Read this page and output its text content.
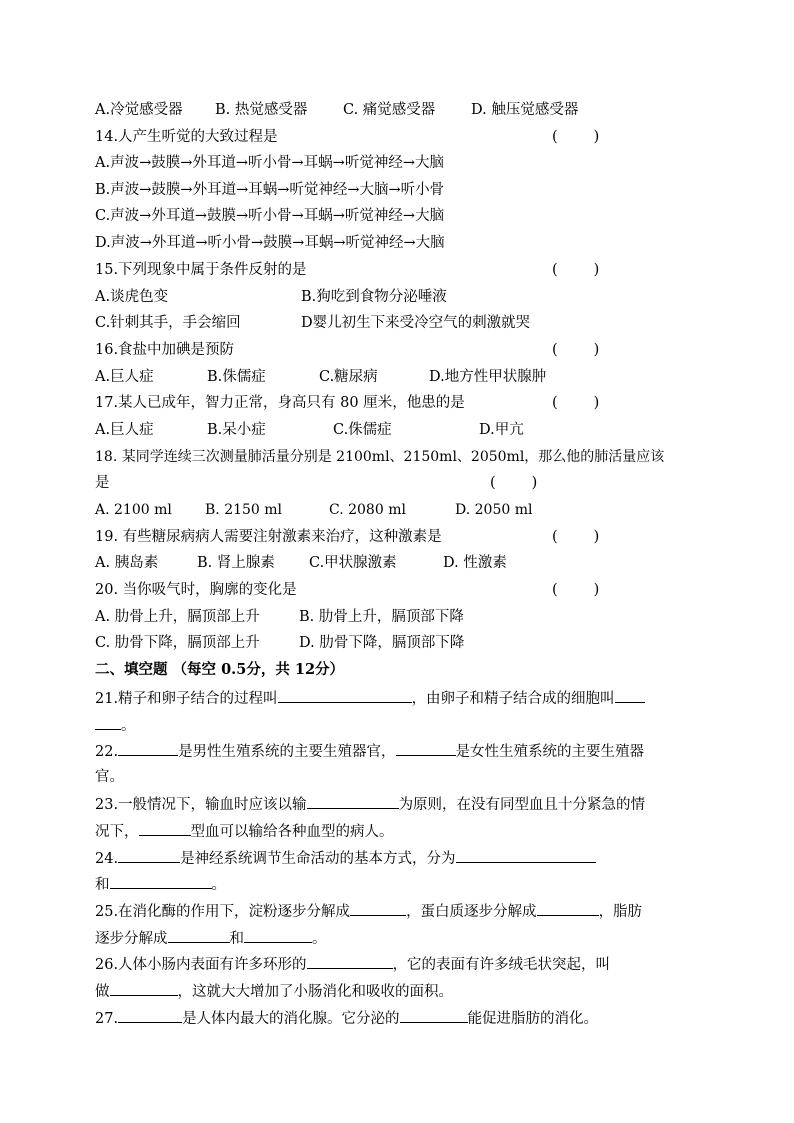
A.冷觉感受器 B. 热觉感受器 C. 痛觉感受器 D. 触压觉感受器
14.人产生听觉的大致过程是	( )
A.声波→鼓膜→外耳道→听小骨→耳蜗→听觉神经→大脑
B.声波→鼓膜→外耳道→耳蜗→听觉神经→大脑→听小骨
C.声波→外耳道→鼓膜→听小骨→耳蜗→听觉神经→大脑
D.声波→外耳道→听小骨→鼓膜→耳蜗→听觉神经→大脑
15.下列现象中属于条件反射的是	( )
A.谈虎色变	B.狗吃到食物分泌唾液
C.针刺其手，手会缩回	D婴儿初生下来受冷空气的刺激就哭
16.食盐中加碘是预防	( )
A.巨人症	B.侏儒症	C.糖尿病	D.地方性甲状腺肿
17.某人已成年，智力正常，身高只有 80 厘米，他患的是	( )
A.巨人症	B.呆小症	C.侏儒症	D.甲亢
18. 某同学连续三次测量肺活量分别是 2100ml、2150ml、2050ml，那么他的肺活量应该
是	( )
A. 2100 ml B. 2150 ml	C. 2080 ml	D. 2050 ml
19. 有些糖尿病病人需要注射激素来治疗，这种激素是	( )
A. 胰岛素	B. 肾上腺素 C.甲状腺激素	D. 性激素
20. 当你吸气时，胸廓的变化是	( )
A. 肋骨上升，膈顶部上升	B. 肋骨上升，膈顶部下降
C. 肋骨下降，膈顶部上升	D. 肋骨下降，膈顶部下降
二、填空题 （每空 0.5分，共 12分）
21.精子和卵子结合的过程叫	，由卵子和精子结合成的细胞叫
。
22.	是男性生殖系统的主要生殖器官，	是女性生殖系统的主要生殖器
官。
23.一般情况下，输血时应该以输	为原则，在没有同型血且十分紧急的情
况下，	型血可以输给各种血型的病人。
24.	是神经系统调节生命活动的基本方式，分为
和	。
25.在消化酶的作用下，淀粉逐步分解成	，蛋白质逐步分解成	，脂肪
逐步分解成	和	。
26.人体小肠内表面有许多环形的	，它的表面有许多绒毛状突起，叫
做	，这就大大增加了小肠消化和吸收的面积。
27.	是人体内最大的消化腺。它分泌的	能促进脂肪的消化。
